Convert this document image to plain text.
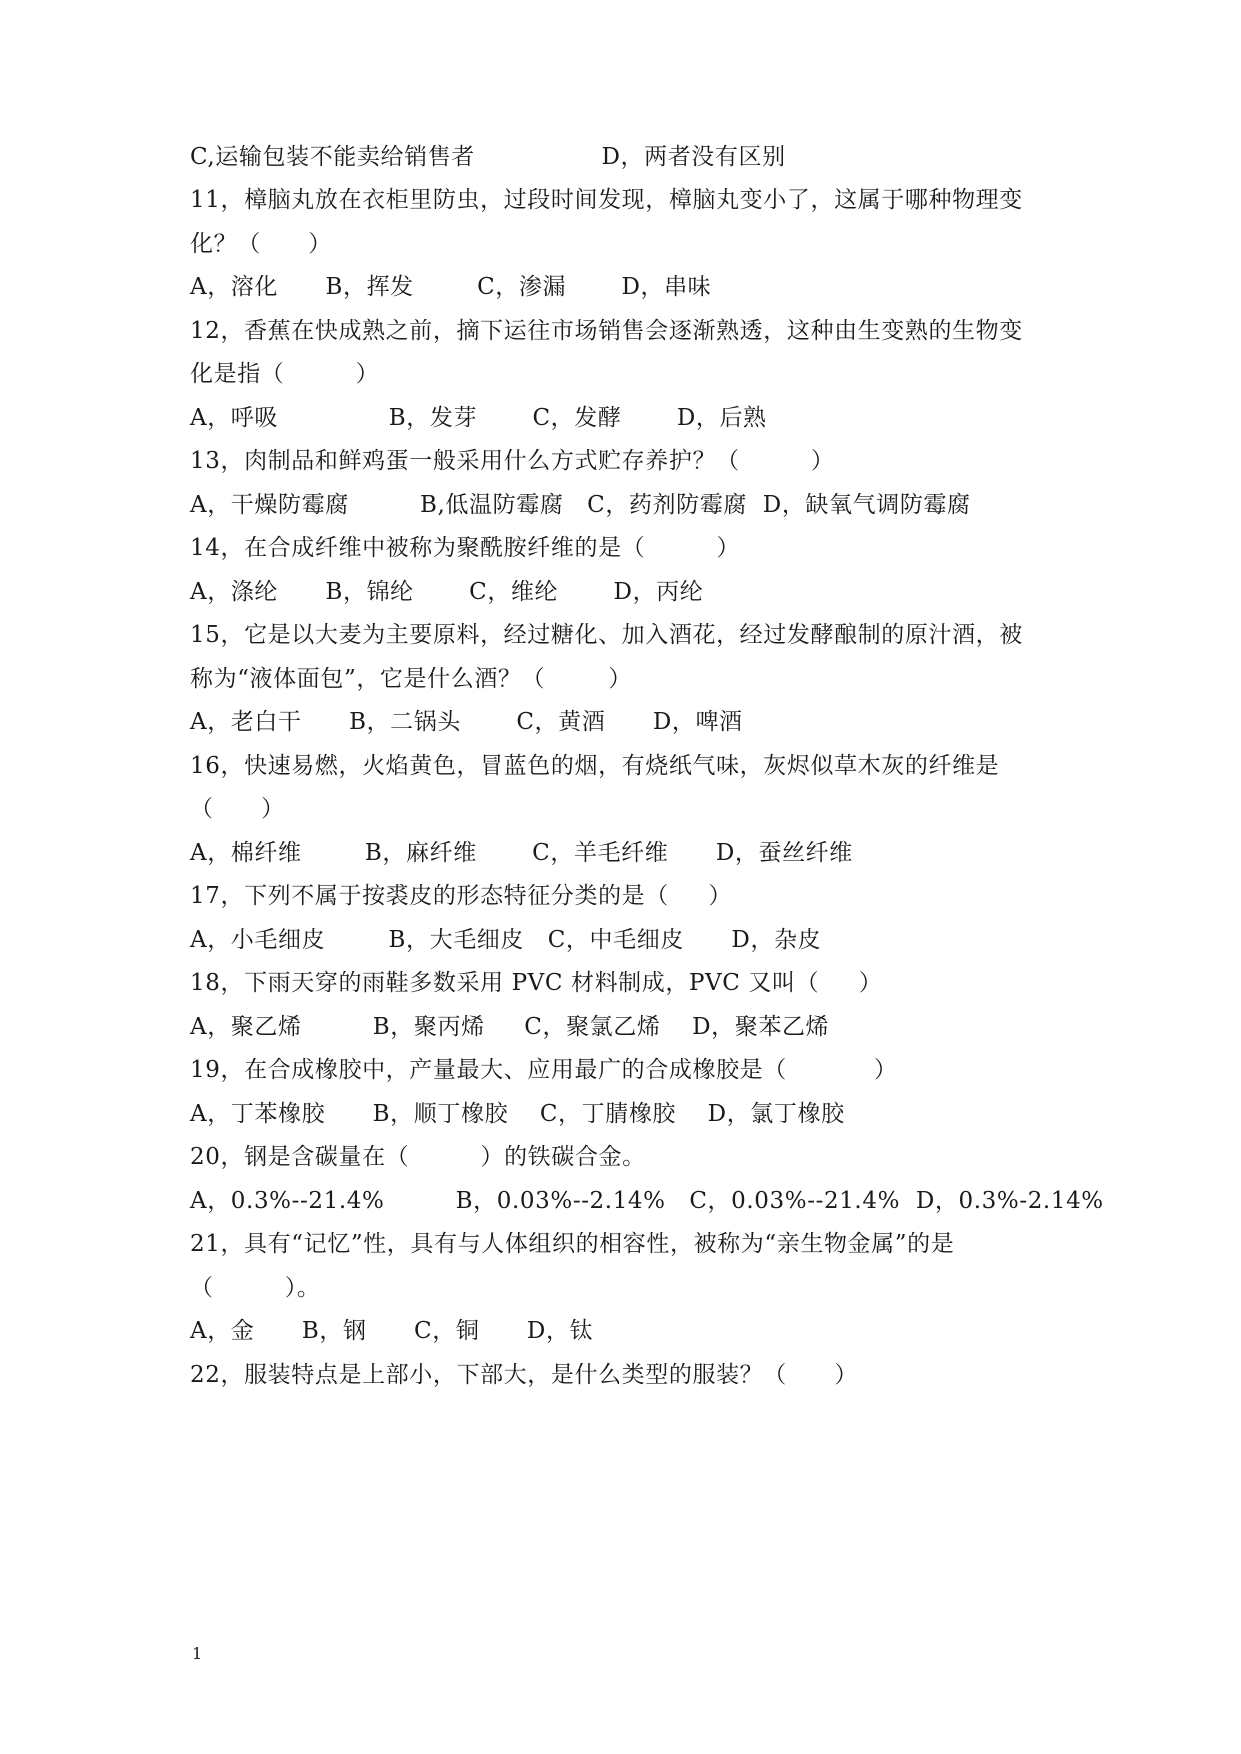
C,运输包装不能卖给销售者                D，两者没有区别
11，樟脑丸放在衣柜里防虫，过段时间发现，樟脑丸变小了，这属于哪种物理变
化？（      ）
A，溶化      B，挥发        C，渗漏       D，串味
12，香蕉在快成熟之前，摘下运往市场销售会逐渐熟透，这种由生变熟的生物变
化是指（         ）
A，呼吸              B，发芽       C，发酵       D，后熟
13，肉制品和鲜鸡蛋一般采用什么方式贮存养护？（         ）
A，干燥防霉腐         B,低温防霉腐   C，药剂防霉腐  D，缺氧气调防霉腐
14，在合成纤维中被称为聚酰胺纤维的是（         ）
A，涤纶      B，锦纶       C，维纶       D，丙纶
15，它是以大麦为主要原料，经过糖化、加入酒花，经过发酵酿制的原汁酒，被
称为“液体面包”，它是什么酒？（        ）
A，老白干      B，二锅头       C，黄酒      D，啤酒
16，快速易燃，火焰黄色，冒蓝色的烟，有烧纸气味，灰烬似草木灰的纤维是
（      ）
A，棉纤维        B，麻纤维       C，羊毛纤维      D，蚕丝纤维
17，下列不属于按裘皮的形态特征分类的是（     ）
A，小毛细皮        B，大毛细皮   C，中毛细皮      D，杂皮
18，下雨天穿的雨鞋多数采用 PVC 材料制成，PVC 又叫（     ）
A，聚乙烯         B，聚丙烯     C，聚氯乙烯    D，聚苯乙烯
19，在合成橡胶中，产量最大、应用最广的合成橡胶是（           ）
A，丁苯橡胶      B，顺丁橡胶    C，丁腈橡胶    D，氯丁橡胶
20，钢是含碳量在（         ）的铁碳合金。
A，0.3%--21.4%         B，0.03%--2.14%   C，0.03%--21.4%  D，0.3%-2.14%
21，具有“记忆”性，具有与人体组织的相容性，被称为“亲生物金属”的是
（         ）。
A，金      B，钢      C，铜      D，钛
22，服装特点是上部小，下部大，是什么类型的服装？（      ）
1
